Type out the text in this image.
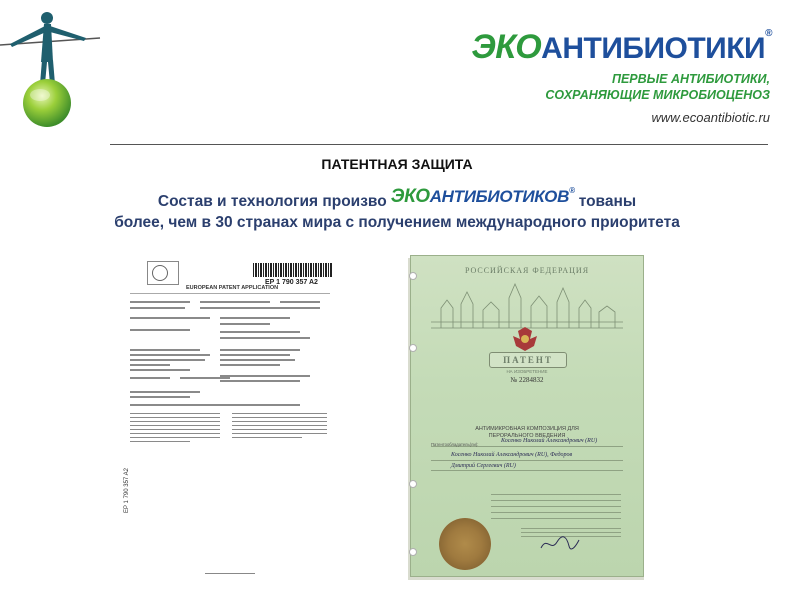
ЭКОАНТИБИОТИКИ®
ПЕРВЫЕ АНТИБИОТИКИ,
СОХРАНЯЮЩИЕ МИКРОБИОЦЕНОЗ
www.ecoantibiotic.ru
ПАТЕНТНАЯ ЗАЩИТА
Состав и технология произво ЭКОАНТИБИОТИКОВ®тованы
более, чем в 30 странах мира с получением международного приоритета
EP 1 790 357 A2
EUROPEAN PATENT APPLICATION
EP 1 790 357 A2
РОССИЙСКАЯ ФЕДЕРАЦИЯ
ПАТЕНТ
НА ИЗОБРЕТЕНИЕ
№ 2284832
АНТИМИКРОБНАЯ КОМПОЗИЦИЯ ДЛЯ
ПЕРОРАЛЬНОГО ВВЕДЕНИЯ
Косенко Николай Александрович (RU)
Патентообладатель(ли):
Косенко Николай Александрович (RU), Федоров
Дмитрий Сергеевич (RU)
